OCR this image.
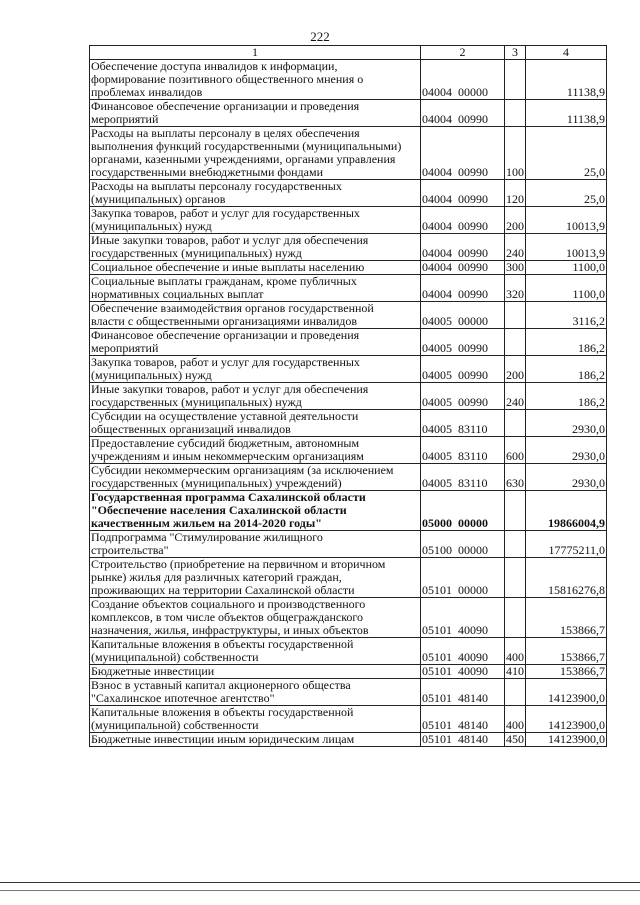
222
1	2	3	4
Обеспечение доступа инвалидов к информации,
формирование позитивного общественного мнения о
проблемах инвалидов	04004  00000		11138,9
Финансовое обеспечение организации и проведения
мероприятий	04004  00990		11138,9
Расходы на выплаты персоналу в целях обеспечения
выполнения функций государственными (муниципальными)
органами, казенными учреждениями, органами управления
государственными внебюджетными фондами	04004  00990	100	25,0
Расходы на выплаты персоналу государственных
(муниципальных) органов	04004  00990	120	25,0
Закупка товаров, работ и услуг для государственных
(муниципальных) нужд	04004  00990	200	10013,9
Иные закупки товаров, работ и услуг для обеспечения
государственных (муниципальных) нужд	04004  00990	240	10013,9
Социальное обеспечение и иные выплаты населению	04004  00990	300	1100,0
Социальные выплаты гражданам, кроме публичных
нормативных социальных выплат	04004  00990	320	1100,0
Обеспечение взаимодействия органов государственной
власти с общественными организациями инвалидов	04005  00000		3116,2
Финансовое обеспечение организации и проведения
мероприятий	04005  00990		186,2
Закупка товаров, работ и услуг для государственных
(муниципальных) нужд	04005  00990	200	186,2
Иные закупки товаров, работ и услуг для обеспечения
государственных (муниципальных) нужд	04005  00990	240	186,2
Субсидии на осуществление уставной деятельности
общественных организаций инвалидов	04005  83110		2930,0
Предоставление субсидий бюджетным, автономным
учреждениям и иным некоммерческим организациям	04005  83110	600	2930,0
Субсидии некоммерческим организациям (за исключением
государственных (муниципальных) учреждений)	04005  83110	630	2930,0
Государственная программа Сахалинской области
"Обеспечение населения Сахалинской области
качественным жильем на 2014-2020 годы"	05000  00000		19866004,9
Подпрограмма "Стимулирование жилищного
строительства"	05100  00000		17775211,0
Строительство (приобретение на первичном и вторичном
рынке) жилья для различных категорий граждан,
проживающих на территории Сахалинской области	05101  00000		15816276,8
Создание объектов социального и производственного
комплексов, в том числе объектов общегражданского
назначения, жилья, инфраструктуры, и иных объектов	05101  40090		153866,7
Капитальные вложения в объекты государственной
(муниципальной) собственности	05101  40090	400	153866,7
Бюджетные инвестиции	05101  40090	410	153866,7
Взнос в уставный капитал акционерного общества
"Сахалинское ипотечное агентство"	05101  48140		14123900,0
Капитальные вложения в объекты государственной
(муниципальной) собственности	05101  48140	400	14123900,0
Бюджетные инвестиции иным юридическим лицам	05101  48140	450	14123900,0
